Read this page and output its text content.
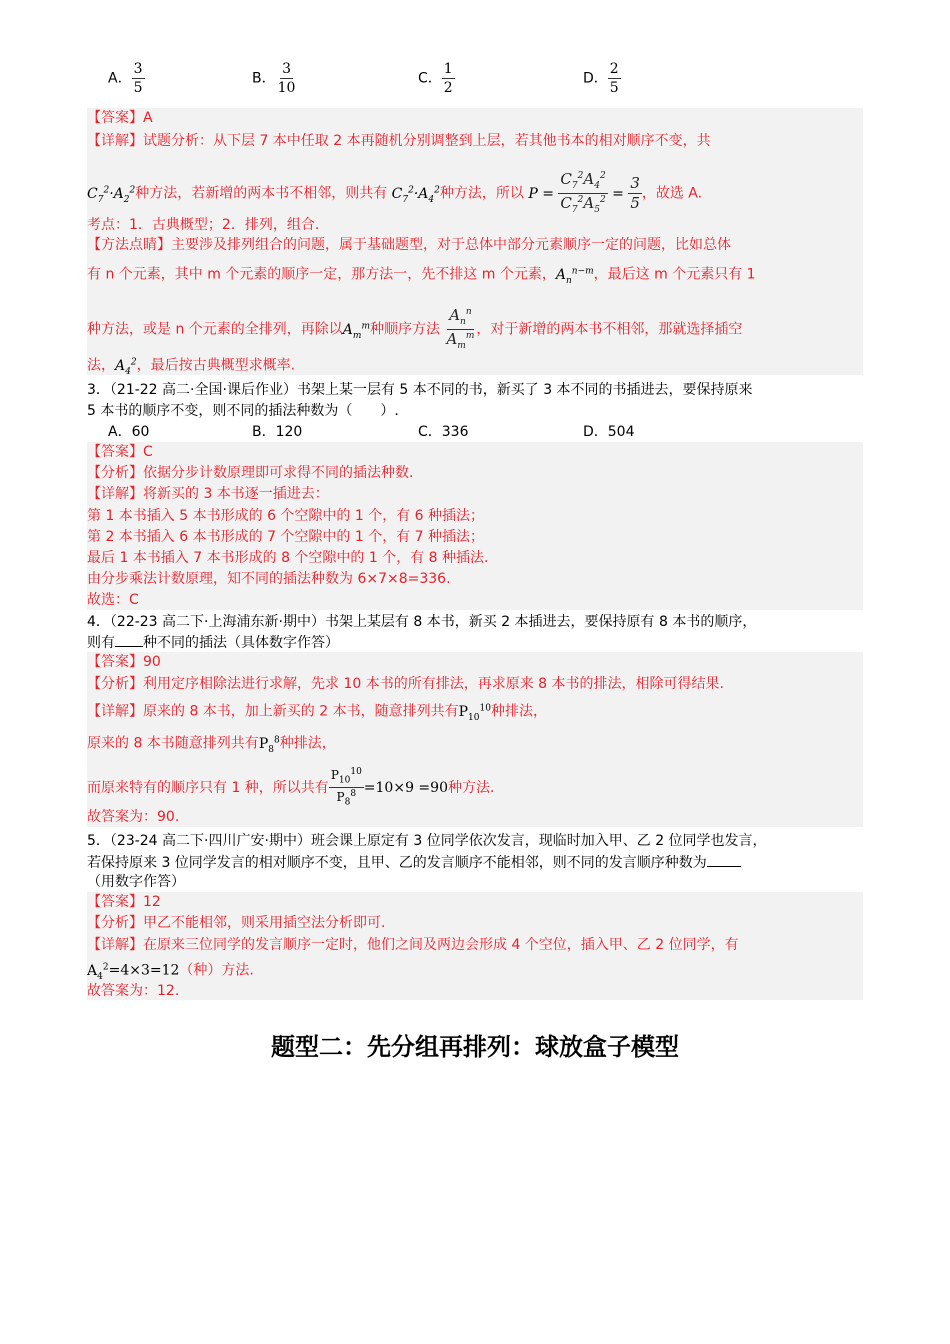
A． $\frac{3}{5}$	B． $\frac{3}{10}$	C． $\frac{1}{2}$	D． $\frac{2}{5}$
【答案】A
【详解】试题分析：从下层 7 本中任取 2 本再随机分别调整到上层，若其他书本的相对顺序不变，共
$C_7^2\cdot A_2^2$种方法，若新增的两本书不相邻，则共有 $C_7^2\cdot A_4^2$种方法，所以 $P = \frac{C_7^2A_4^2}{C_7^2A_5^2} = \frac{3}{5}$ ，故选 A.
考点：1．古典概型；2．排列，组合.
【方法点睛】主要涉及排列组合的问题，属于基础题型，对于总体中部分元素顺序一定的问题，比如总体
有 n 个元素，其中 m 个元素的顺序一定，那方法一，先不排这 m 个元素，$A_n^{n-m}$，最后这 m 个元素只有 1
种方法，或是 n 个元素的全排列，再除以$A_m^m$种顺序方法 $\frac{A_n^n}{A_m^m}$ ，对于新增的两本书不相邻，那就选择插空
法，$A_4^2$，最后按古典概型求概率.
3．（21-22 高二·全国·课后作业）书架上某一层有 5 本不同的书，新买了 3 本不同的书插进去，要保持原来
5 本书的顺序不变，则不同的插法种数为（　　）.
A．60	B．120	C．336	D．504
【答案】C
【分析】依据分步计数原理即可求得不同的插法种数.
【详解】将新买的 3 本书逐一插进去：
第 1 本书插入 5 本书形成的 6 个空隙中的 1 个，有 6 种插法；
第 2 本书插入 6 本书形成的 7 个空隙中的 1 个，有 7 种插法；
最后 1 本书插入 7 本书形成的 8 个空隙中的 1 个，有 8 种插法.
由分步乘法计数原理，知不同的插法种数为 6×7×8=336.
故选：C
4．（22-23 高二下·上海浦东新·期中）书架上某层有 8 本书，新买 2 本插进去，要保持原有 8 本书的顺序，
则有 种不同的插法（具体数字作答）
【答案】90
【分析】利用定序相除法进行求解，先求 10 本书的所有排法，再求原来 8 本书的排法，相除可得结果.
【详解】原来的 8 本书，加上新买的 2 本书，随意排列共有$P_{10}^{10}$种排法，
原来的 8 本书随意排列共有$P_8^8$种排法，
而原来特有的顺序只有 1 种，所以共有 $\frac{P_{10}^{10}}{P_8^8} =10\times 9 =90$种方法.
故答案为：90.
5．（23-24 高二下·四川广安·期中）班会课上原定有 3 位同学依次发言，现临时加入甲、乙 2 位同学也发言，
若保持原来 3 位同学发言的相对顺序不变，且甲、乙的发言顺序不能相邻，则不同的发言顺序种数为
（用数字作答）
【答案】12
【分析】甲乙不能相邻，则采用插空法分析即可.
【详解】在原来三位同学的发言顺序一定时，他们之间及两边会形成 4 个空位，插入甲、乙 2 位同学，有
$A_4^2=4\times 3=12$（种）方法.
故答案为：12.
题型二：先分组再排列：球放盒子模型
